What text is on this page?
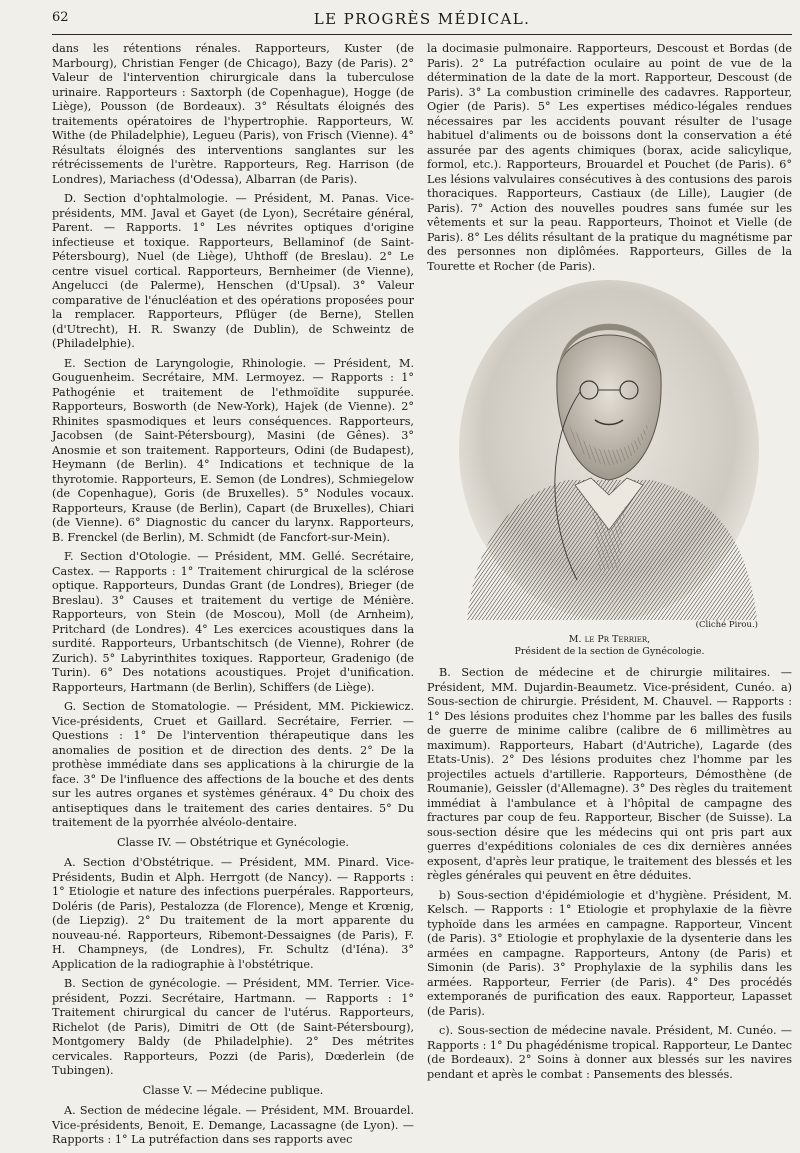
62	LE PROGRÈS MÉDICAL.

dans les rétentions rénales. Rapporteurs, Kuster (de Marbourg), Christian Fenger (de Chicago), Bazy (de Paris). 2° Valeur de l'intervention chirurgicale dans la tuberculose urinaire. Rapporteurs : Saxtorph (de Copenhague), Hogge (de Liège), Pousson (de Bordeaux). 3° Résultats éloignés des traitements opératoires de l'hypertrophie. Rapporteurs, W. Withe (de Philadelphie), Legueu (Paris), von Frisch (Vienne). 4° Résultats éloignés des interventions sanglantes sur les rétrécissements de l'urètre. Rapporteurs, Reg. Harrison (de Londres), Mariachess (d'Odessa), Albarran (de Paris).

D. Section d'ophtalmologie. — Président, M. Panas. Vice-présidents, MM. Javal et Gayet (de Lyon), Secrétaire général, Parent. — Rapports. 1° Les névrites optiques d'origine infectieuse et toxique. Rapporteurs, Bellaminof (de Saint-Pétersbourg), Nuel (de Liège), Uhthoff (de Breslau). 2° Le centre visuel cortical. Rapporteurs, Bernheimer (de Vienne), Angelucci (de Palerme), Henschen (d'Upsal). 3° Valeur comparative de l'énucléation et des opérations proposées pour la remplacer. Rapporteurs, Pflüger (de Berne), Stellen (d'Utrecht), H. R. Swanzy (de Dublin), de Schweintz de (Philadelphie).

E. Section de Laryngologie, Rhinologie. — Président, M. Gouguenheim. Secrétaire, MM. Lermoyez. — Rapports : 1° Pathogénie et traitement de l'ethmoïdite suppurée. Rapporteurs, Bosworth (de New-York), Hajek (de Vienne). 2° Rhinites spasmodiques et leurs conséquences. Rapporteurs, Jacobsen (de Saint-Pétersbourg), Masini (de Gênes). 3° Anosmie et son traitement. Rapporteurs, Odini (de Budapest), Heymann (de Berlin). 4° Indications et technique de la thyrotomie. Rapporteurs, E. Semon (de Londres), Schmiegelow (de Copenhague), Goris (de Bruxelles). 5° Nodules vocaux. Rapporteurs, Krause (de Berlin), Capart (de Bruxelles), Chiari (de Vienne). 6° Diagnostic du cancer du larynx. Rapporteurs, B. Frenckel (de Berlin), M. Schmidt (de Fancfort-sur-Mein).

F. Section d'Otologie. — Président, MM. Gellé. Secrétaire, Castex. — Rapports : 1° Traitement chirurgical de la sclérose optique. Rapporteurs, Dundas Grant (de Londres), Brieger (de Breslau). 3° Causes et traitement du vertige de Ménière. Rapporteurs, von Stein (de Moscou), Moll (de Arnheim), Pritchard (de Londres). 4° Les exercices acoustiques dans la surdité. Rapporteurs, Urbantschitsch (de Vienne), Rohrer (de Zurich). 5° Labyrinthites toxiques. Rapporteur, Gradenigo (de Turin). 6° Des notations acoustiques. Projet d'unification. Rapporteurs, Hartmann (de Berlin), Schiffers (de Liège).

G. Section de Stomatologie. — Président, MM. Pickiewicz. Vice-présidents, Cruet et Gaillard. Secrétaire, Ferrier. — Questions : 1° De l'intervention thérapeutique dans les anomalies de position et de direction des dents. 2° De la prothèse immédiate dans ses applications à la chirurgie de la face. 3° De l'influence des affections de la bouche et des dents sur les autres organes et systèmes généraux. 4° Du choix des antiseptiques dans le traitement des caries dentaires. 5° Du traitement de la pyorrhée alvéolo-dentaire.

Classe IV. — Obstétrique et Gynécologie.

A. Section d'Obstétrique. — Président, MM. Pinard. Vice-Présidents, Budin et Alph. Herrgott (de Nancy). — Rapports : 1° Etiologie et nature des infections puerpérales. Rapporteurs, Doléris (de Paris), Pestalozza (de Florence), Menge et Krœnig, (de Liepzig). 2° Du traitement de la mort apparente du nouveau-né. Rapporteurs, Ribemont-Dessaignes (de Paris), F. H. Champneys, (de Londres), Fr. Schultz (d'Iéna). 3° Application de la radiographie à l'obstétrique.

B. Section de gynécologie. — Président, MM. Terrier. Vice-président, Pozzi. Secrétaire, Hartmann. — Rapports : 1° Traitement chirurgical du cancer de l'utérus. Rapporteurs, Richelot (de Paris), Dimitri de Ott (de Saint-Pétersbourg), Montgomery Baldy (de Philadelphie). 2° Des métrites cervicales. Rapporteurs, Pozzi (de Paris), Dœderlein (de Tubingen).

Classe V. — Médecine publique.

A. Section de médecine légale. — Président, MM. Brouardel. Vice-présidents, Benoit, E. Demange, Lacassagne (de Lyon). — Rapports : 1° La putréfaction dans ses rapports avec

la docimasie pulmonaire. Rapporteurs, Descoust et Bordas (de Paris). 2° La putréfaction oculaire au point de vue de la détermination de la date de la mort. Rapporteur, Descoust (de Paris). 3° La combustion criminelle des cadavres. Rapporteur, Ogier (de Paris). 5° Les expertises médico-légales rendues nécessaires par les accidents pouvant résulter de l'usage habituel d'aliments ou de boissons dont la conservation a été assurée par des agents chimiques (borax, acide salicylique, formol, etc.). Rapporteurs, Brouardel et Pouchet (de Paris). 6° Les lésions valvulaires consécutives à des contusions des parois thoraciques. Rapporteurs, Castiaux (de Lille), Laugier (de Paris). 7° Action des nouvelles poudres sans fumée sur les vêtements et sur la peau. Rapporteurs, Thoinot et Vielle (de Paris). 8° Les délits résultant de la pratique du magnétisme par des personnes non diplômées. Rapporteurs, Gilles de la Tourette et Rocher (de Paris).

(Cliché Pirou.)
M. le Pr Terrier,
Président de la section de Gynécologie.

B. Section de médecine et de chirurgie militaires. — Président, MM. Dujardin-Beaumetz. Vice-président, Cunéo. a) Sous-section de chirurgie. Président, M. Chauvel. — Rapports : 1° Des lésions produites chez l'homme par les balles des fusils de guerre de minime calibre (calibre de 6 millimètres au maximum). Rapporteurs, Habart (d'Autriche), Lagarde (des Etats-Unis). 2° Des lésions produites chez l'homme par les projectiles actuels d'artillerie. Rapporteurs, Démosthène (de Roumanie), Geissler (d'Allemagne). 3° Des règles du traitement immédiat à l'ambulance et à l'hôpital de campagne des fractures par coup de feu. Rapporteur, Bischer (de Suisse). La sous-section désire que les médecins qui ont pris part aux guerres d'expéditions coloniales de ces dix dernières années exposent, d'après leur pratique, le traitement des blessés et les règles générales qui peuvent en être déduites.

b) Sous-section d'épidémiologie et d'hygiène. Président, M. Kelsch. — Rapports : 1° Etiologie et prophylaxie de la fièvre typhoïde dans les armées en campagne. Rapporteur, Vincent (de Paris). 3° Etiologie et prophylaxie de la dysenterie dans les armées en campagne. Rapporteurs, Antony (de Paris) et Simonin (de Paris). 3° Prophylaxie de la syphilis dans les armées. Rapporteur, Ferrier (de Paris). 4° Des procédés extemporanés de purification des eaux. Rapporteur, Lapasset (de Paris).

c). Sous-section de médecine navale. Président, M. Cunéo. — Rapports : 1° Du phagédénisme tropical. Rapporteur, Le Dantec (de Bordeaux). 2° Soins à donner aux blessés sur les navires pendant et après le combat : Pansements des blessés.
